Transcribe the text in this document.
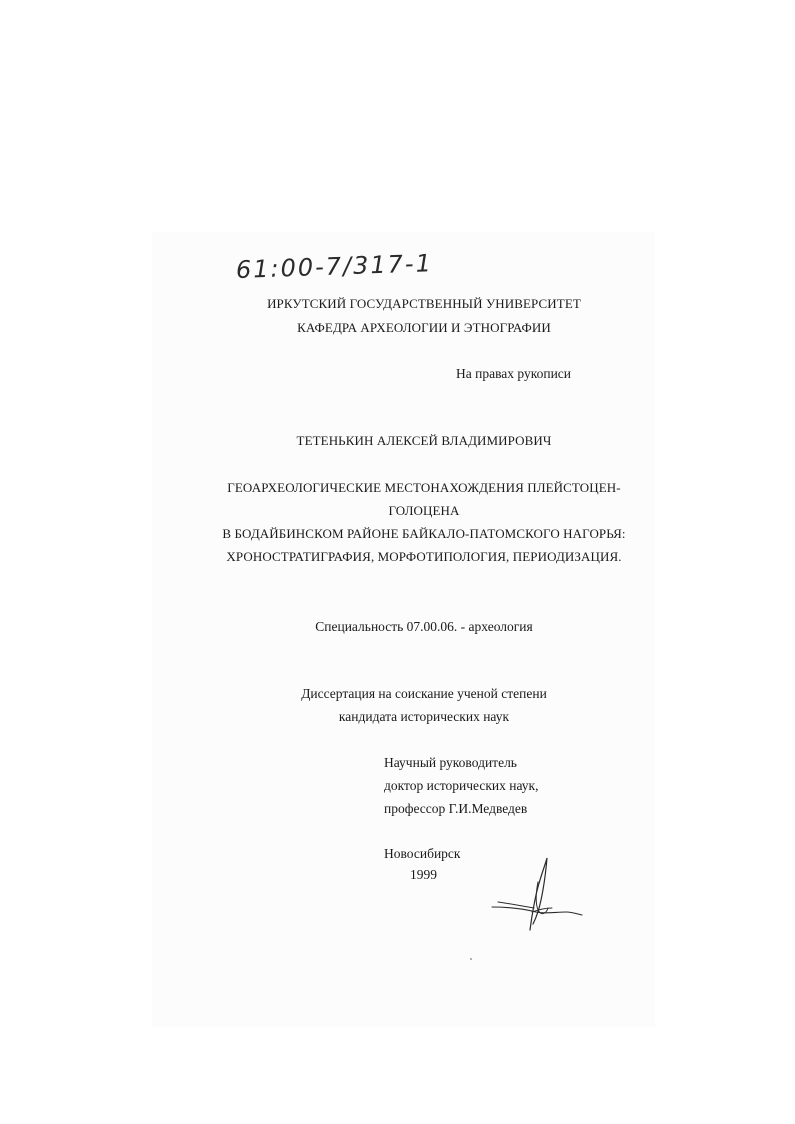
61:00-7/317-1
ИРКУТСКИЙ ГОСУДАРСТВЕННЫЙ УНИВЕРСИТЕТ
КАФЕДРА АРХЕОЛОГИИ И ЭТНОГРАФИИ
На правах рукописи
ТЕТЕНЬКИН АЛЕКСЕЙ ВЛАДИМИРОВИЧ
ГЕОАРХЕОЛОГИЧЕСКИЕ МЕСТОНАХОЖДЕНИЯ ПЛЕЙСТОЦЕН-
ГОЛОЦЕНА
В БОДАЙБИНСКОМ РАЙОНЕ БАЙКАЛО-ПАТОМСКОГО НАГОРЬЯ:
ХРОНОСТРАТИГРАФИЯ, МОРФОТИПОЛОГИЯ, ПЕРИОДИЗАЦИЯ.
Специальность 07.00.06. - археология
Диссертация на соискание ученой степени
кандидата исторических наук
Научный руководитель
доктор исторических наук,
профессор Г.И.Медведев
Новосибирск
1999
